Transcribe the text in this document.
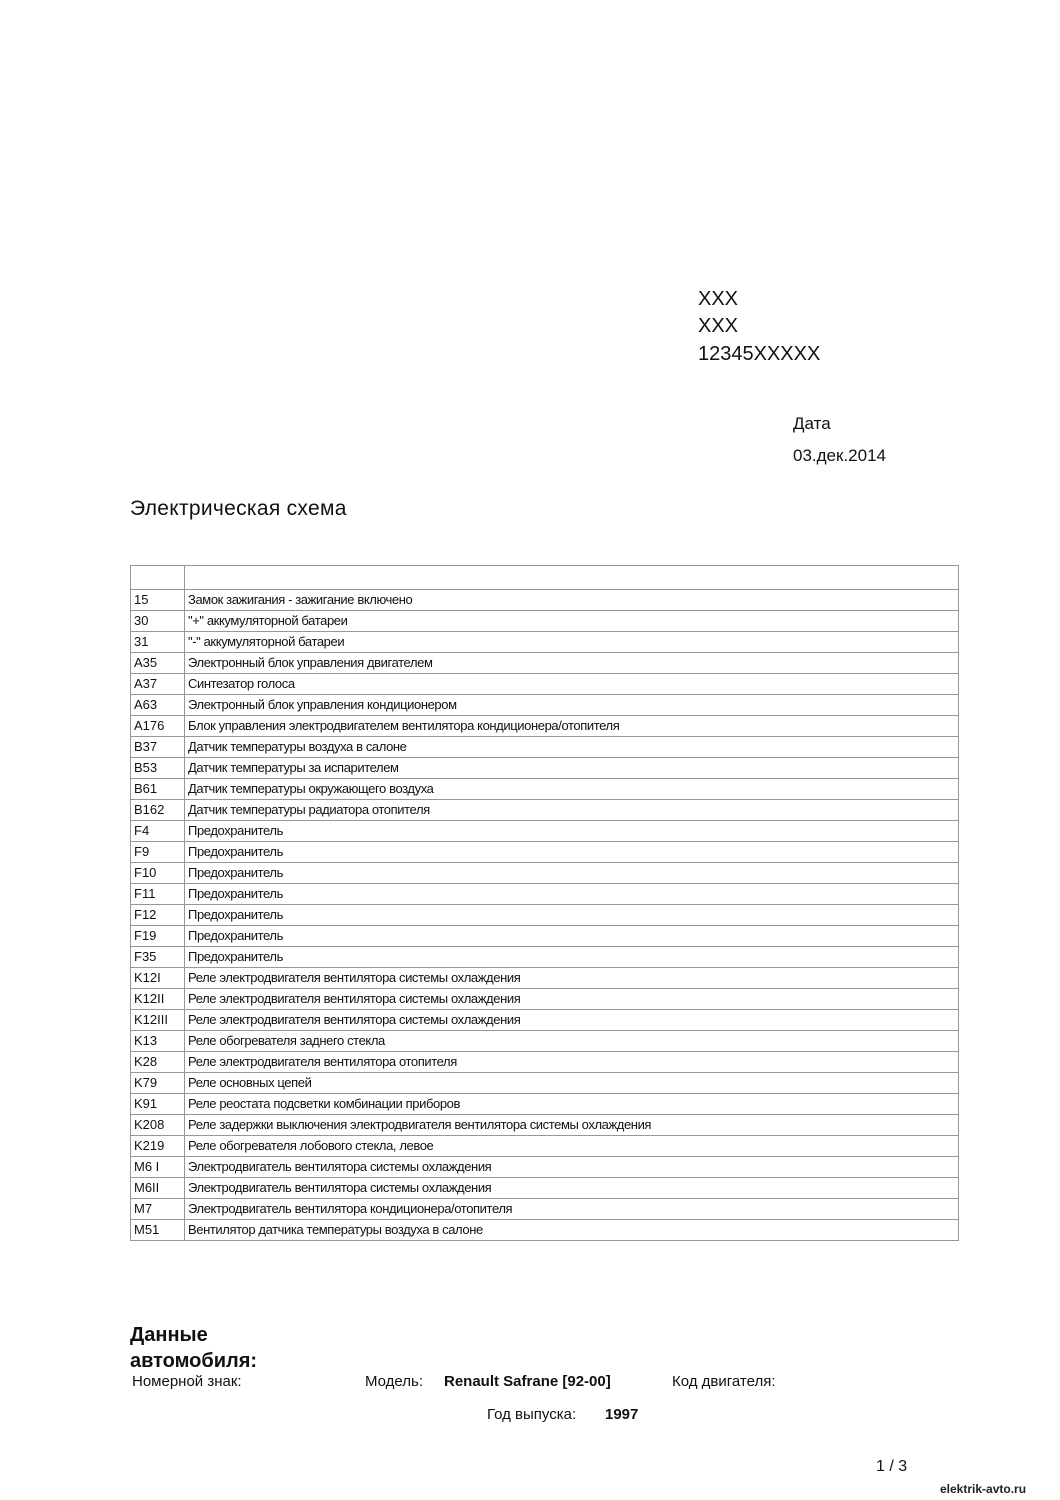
XXX
XXX
12345XXXXX
Дата
03.дек.2014
Электрическая схема

15	Замок зажигания - зажигание включено
30	"+" аккумуляторной батареи
31	"-" аккумуляторной батареи
A35	Электронный блок управления двигателем
A37	Синтезатор голоса
A63	Электронный блок управления кондиционером
A176	Блок управления электродвигателем вентилятора кондиционера/отопителя
B37	Датчик температуры воздуха в салоне
B53	Датчик температуры за испарителем
B61	Датчик температуры окружающего воздуха
B162	Датчик температуры радиатора отопителя
F4	Предохранитель
F9	Предохранитель
F10	Предохранитель
F11	Предохранитель
F12	Предохранитель
F19	Предохранитель
F35	Предохранитель
K12I	Реле электродвигателя вентилятора системы охлаждения
K12II	Реле электродвигателя вентилятора системы охлаждения
K12III	Реле электродвигателя вентилятора системы охлаждения
K13	Реле обогревателя заднего стекла
K28	Реле электродвигателя вентилятора отопителя
K79	Реле основных цепей
K91	Реле реостата подсветки комбинации приборов
K208	Реле задержки выключения электродвигателя вентилятора системы охлаждения
K219	Реле обогревателя лобового стекла, левое
M6 I	Электродвигатель вентилятора системы охлаждения
M6II	Электродвигатель вентилятора системы охлаждения
M7	Электродвигатель вентилятора кондиционера/отопителя
M51	Вентилятор датчика температуры воздуха в салоне
Данные
автомобиля:
Номерной знак:	Модель: Renault Safrane [92-00]	Код двигателя:
Год выпуска: 1997
1 / 3
elektrik-avto.ru
